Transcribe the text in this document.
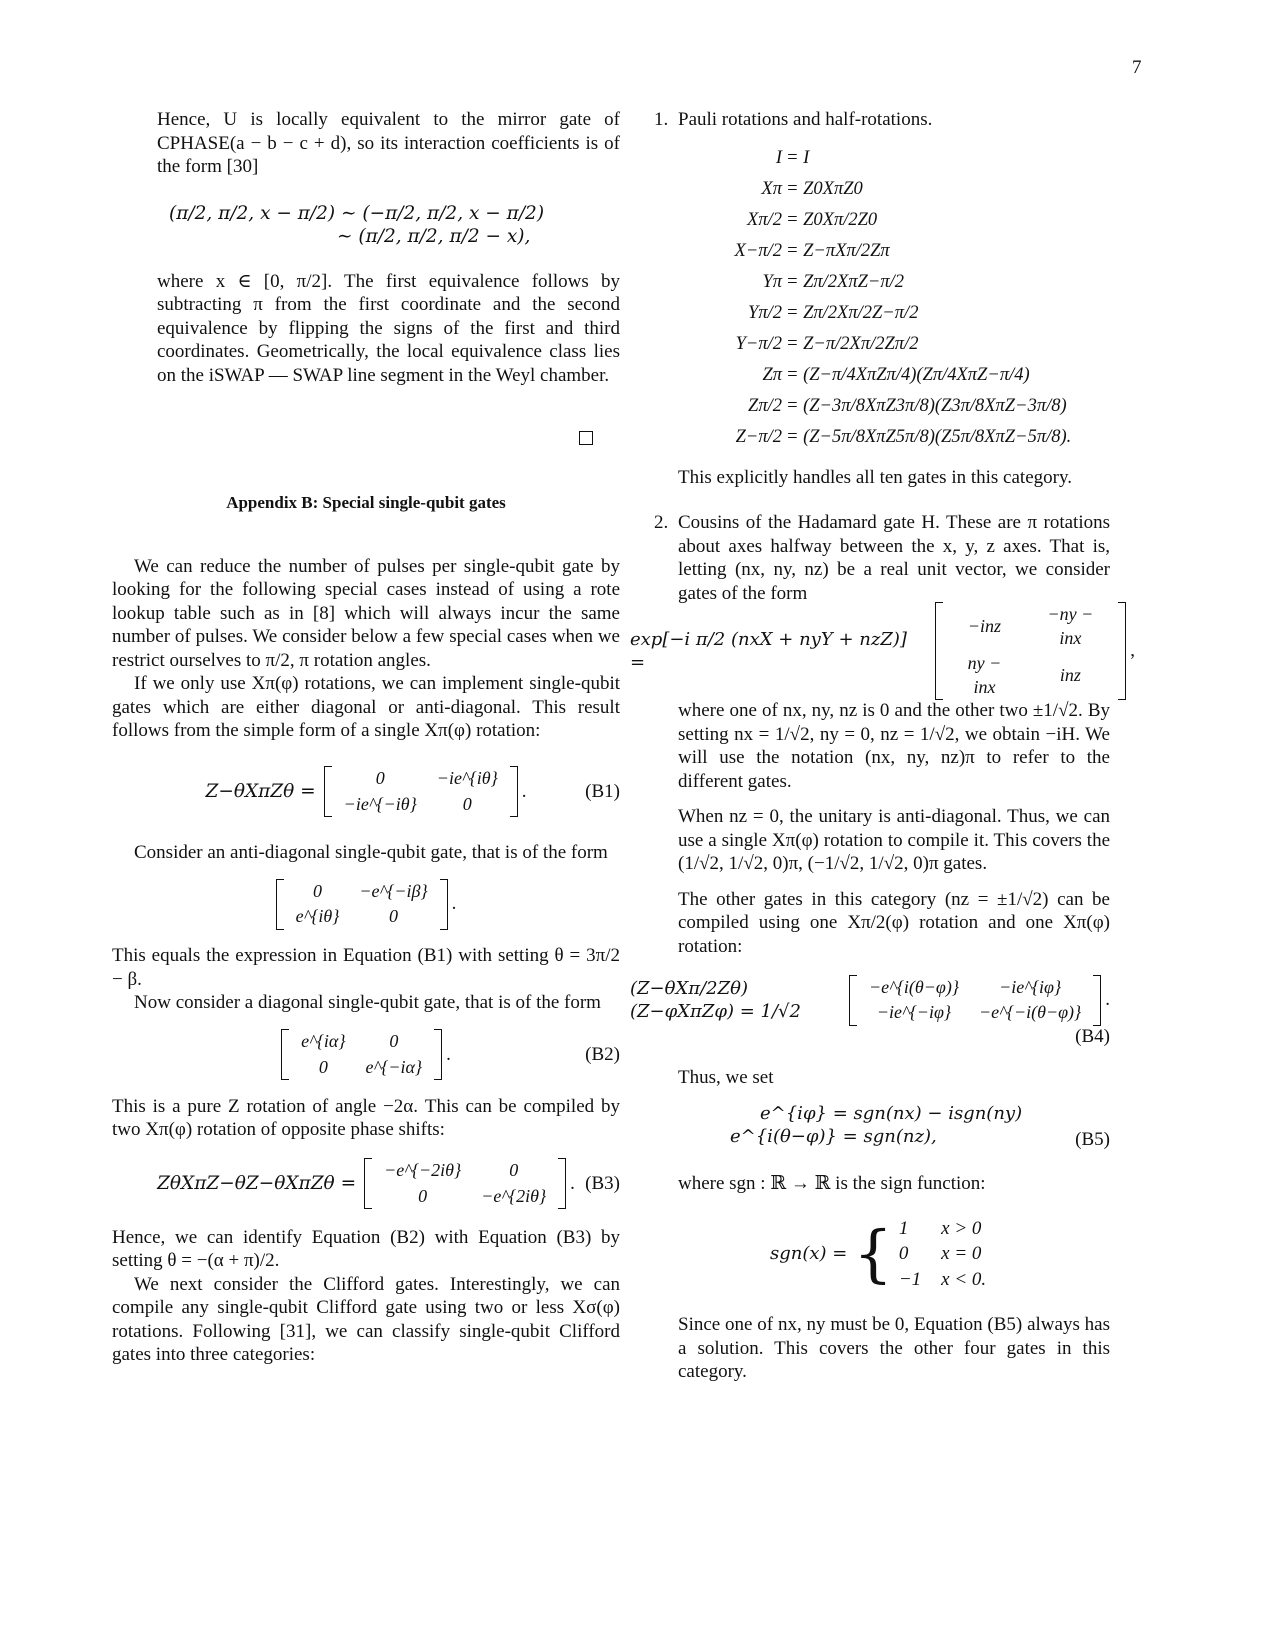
7

Hence, U is locally equivalent to the mirror gate of CPHASE(a − b − c + d), so its interaction coefficients is of the form [30]

(π/2, π/2, x − π/2) ∼ (−π/2, π/2, x − π/2)
∼ (π/2, π/2, π/2 − x),

where x ∈ [0, π/2]. The first equivalence follows by subtracting π from the first coordinate and the second equivalence by flipping the signs of the first and third coordinates. Geometrically, the local equivalence class lies on the iSWAP — SWAP line segment in the Weyl chamber.

Appendix B: Special single-qubit gates

We can reduce the number of pulses per single-qubit gate by looking for the following special cases instead of using a rote lookup table such as in [8] which will always incur the same number of pulses. We consider below a few special cases when we restrict ourselves to π/2, π rotation angles.

If we only use Xπ(φ) rotations, we can implement single-qubit gates which are either diagonal or anti-diagonal. This result follows from the simple form of a single Xπ(φ) rotation:

Z−θXπZθ =
0	−ie^{iθ}
−ie^{−iθ}	0
.	(B1)

Consider an anti-diagonal single-qubit gate, that is of the form

0	−e^{−iβ}
e^{iθ}	0
.

This equals the expression in Equation (B1) with setting θ = 3π/2 − β.

Now consider a diagonal single-qubit gate, that is of the form

e^{iα}	0
0	e^{−iα}
.	(B2)

This is a pure Z rotation of angle −2α. This can be compiled by two Xπ(φ) rotation of opposite phase shifts:

ZθXπZ−θZ−θXπZθ =
−e^{−2iθ}	0
0	−e^{2iθ}
. (B3)

Hence, we can identify Equation (B2) with Equation (B3) by setting θ = −(α + π)/2.

We next consider the Clifford gates. Interestingly, we can compile any single-qubit Clifford gate using two or less Xσ(φ) rotations. Following [31], we can classify single-qubit Clifford gates into three categories:

1. Pauli rotations and half-rotations.

I = I
Xπ = Z0XπZ0
Xπ/2 = Z0Xπ/2Z0
X−π/2 = Z−πXπ/2Zπ
Yπ = Zπ/2XπZ−π/2
Yπ/2 = Zπ/2Xπ/2Z−π/2
Y−π/2 = Z−π/2Xπ/2Zπ/2
Zπ = (Z−π/4XπZπ/4)(Zπ/4XπZ−π/4)
Zπ/2 = (Z−3π/8XπZ3π/8)(Z3π/8XπZ−3π/8)
Z−π/2 = (Z−5π/8XπZ5π/8)(Z5π/8XπZ−5π/8).

This explicitly handles all ten gates in this category.

2. Cousins of the Hadamard gate H. These are π rotations about axes halfway between the x, y, z axes. That is, letting (nx, ny, nz) be a real unit vector, we consider gates of the form

exp[−i π/2 (nxX + nyY + nzZ)] =
−inz	−ny − inx
ny − inx	inz
,

where one of nx, ny, nz is 0 and the other two ±1/√2. By setting nx = 1/√2, ny = 0, nz = 1/√2, we obtain −iH. We will use the notation (nx, ny, nz)π to refer to the different gates.

When nz = 0, the unitary is anti-diagonal. Thus, we can use a single Xπ(φ) rotation to compile it. This covers the (1/√2, 1/√2, 0)π, (−1/√2, 1/√2, 0)π gates.

The other gates in this category (nz = ±1/√2) can be compiled using one Xπ/2(φ) rotation and one Xπ(φ) rotation:

(Z−θXπ/2Zθ)(Z−φXπZφ) = 1/√2
−e^{i(θ−φ)}	−ie^{iφ}
−ie^{−iφ}	−e^{−i(θ−φ)}
.
(B4)

Thus, we set

e^{iφ} = sgn(nx) − isgn(ny)
e^{i(θ−φ)} = sgn(nz),	(B5)

where sgn : ℝ → ℝ is the sign function:

sgn(x) = { 1	x > 0
0	x = 0
−1	x < 0.

Since one of nx, ny must be 0, Equation (B5) always has a solution. This covers the other four gates in this category.
